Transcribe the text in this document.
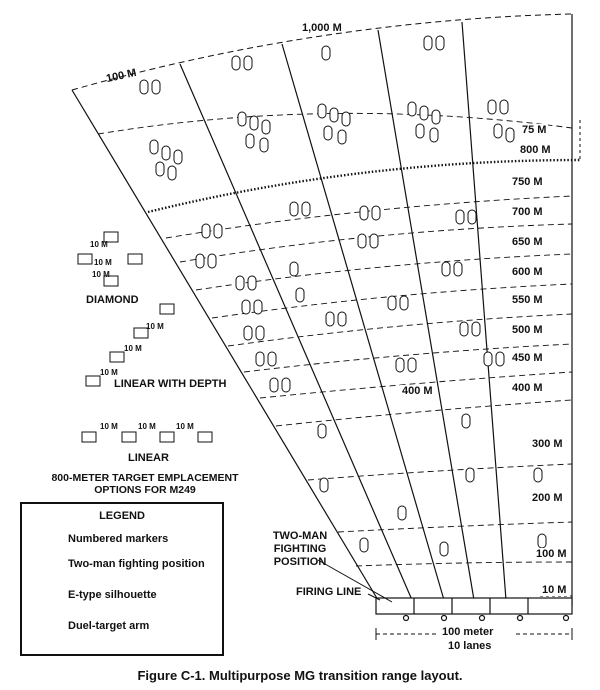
100 M
1,000 M
75 M
800 M
750 M
700 M
650 M
600 M
550 M
500 M
450 M
400 M
300 M
200 M
100 M
10 M
400 M
10 M
10 M
10 M
DIAMOND
10 M
10 M
10 M
LINEAR WITH DEPTH
10 M	10 M	10 M
LINEAR
800-METER TARGET EMPLACEMENT OPTIONS FOR M249
LEGEND
Numbered markers
Two-man fighting position
E-type silhouette
Duel-target arm
TWO-MAN FIGHTING POSITION
FIRING LINE
100 meter
10 lanes
Figure C-1. Multipurpose MG transition range layout.
